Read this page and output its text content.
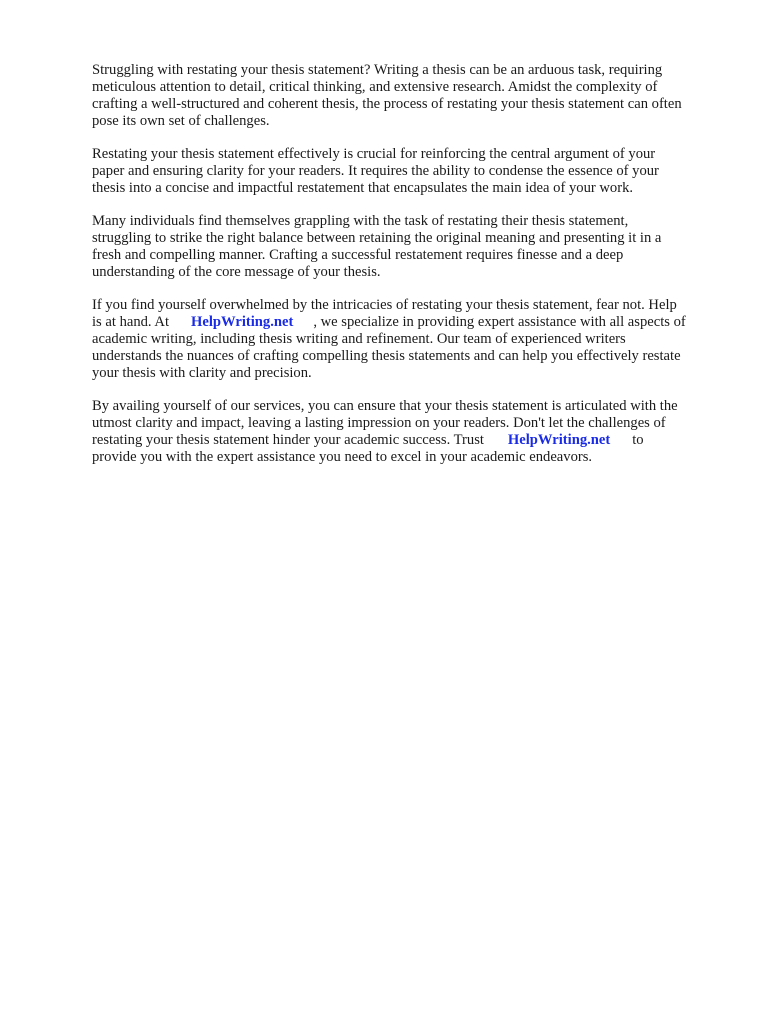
Struggling with restating your thesis statement? Writing a thesis can be an arduous task, requiring
meticulous attention to detail, critical thinking, and extensive research. Amidst the complexity of
crafting a well-structured and coherent thesis, the process of restating your thesis statement can often
pose its own set of challenges.

Restating your thesis statement effectively is crucial for reinforcing the central argument of your
paper and ensuring clarity for your readers. It requires the ability to condense the essence of your
thesis into a concise and impactful restatement that encapsulates the main idea of your work.

Many individuals find themselves grappling with the task of restating their thesis statement,
struggling to strike the right balance between retaining the original meaning and presenting it in a
fresh and compelling manner. Crafting a successful restatement requires finesse and a deep
understanding of the core message of your thesis.

If you find yourself overwhelmed by the intricacies of restating your thesis statement, fear not. Help
is at hand. At HelpWriting.net , we specialize in providing expert assistance with all aspects of
academic writing, including thesis writing and refinement. Our team of experienced writers
understands the nuances of crafting compelling thesis statements and can help you effectively restate
your thesis with clarity and precision.

By availing yourself of our services, you can ensure that your thesis statement is articulated with the
utmost clarity and impact, leaving a lasting impression on your readers. Don't let the challenges of
restating your thesis statement hinder your academic success. Trust HelpWriting.net to
provide you with the expert assistance you need to excel in your academic endeavors.
